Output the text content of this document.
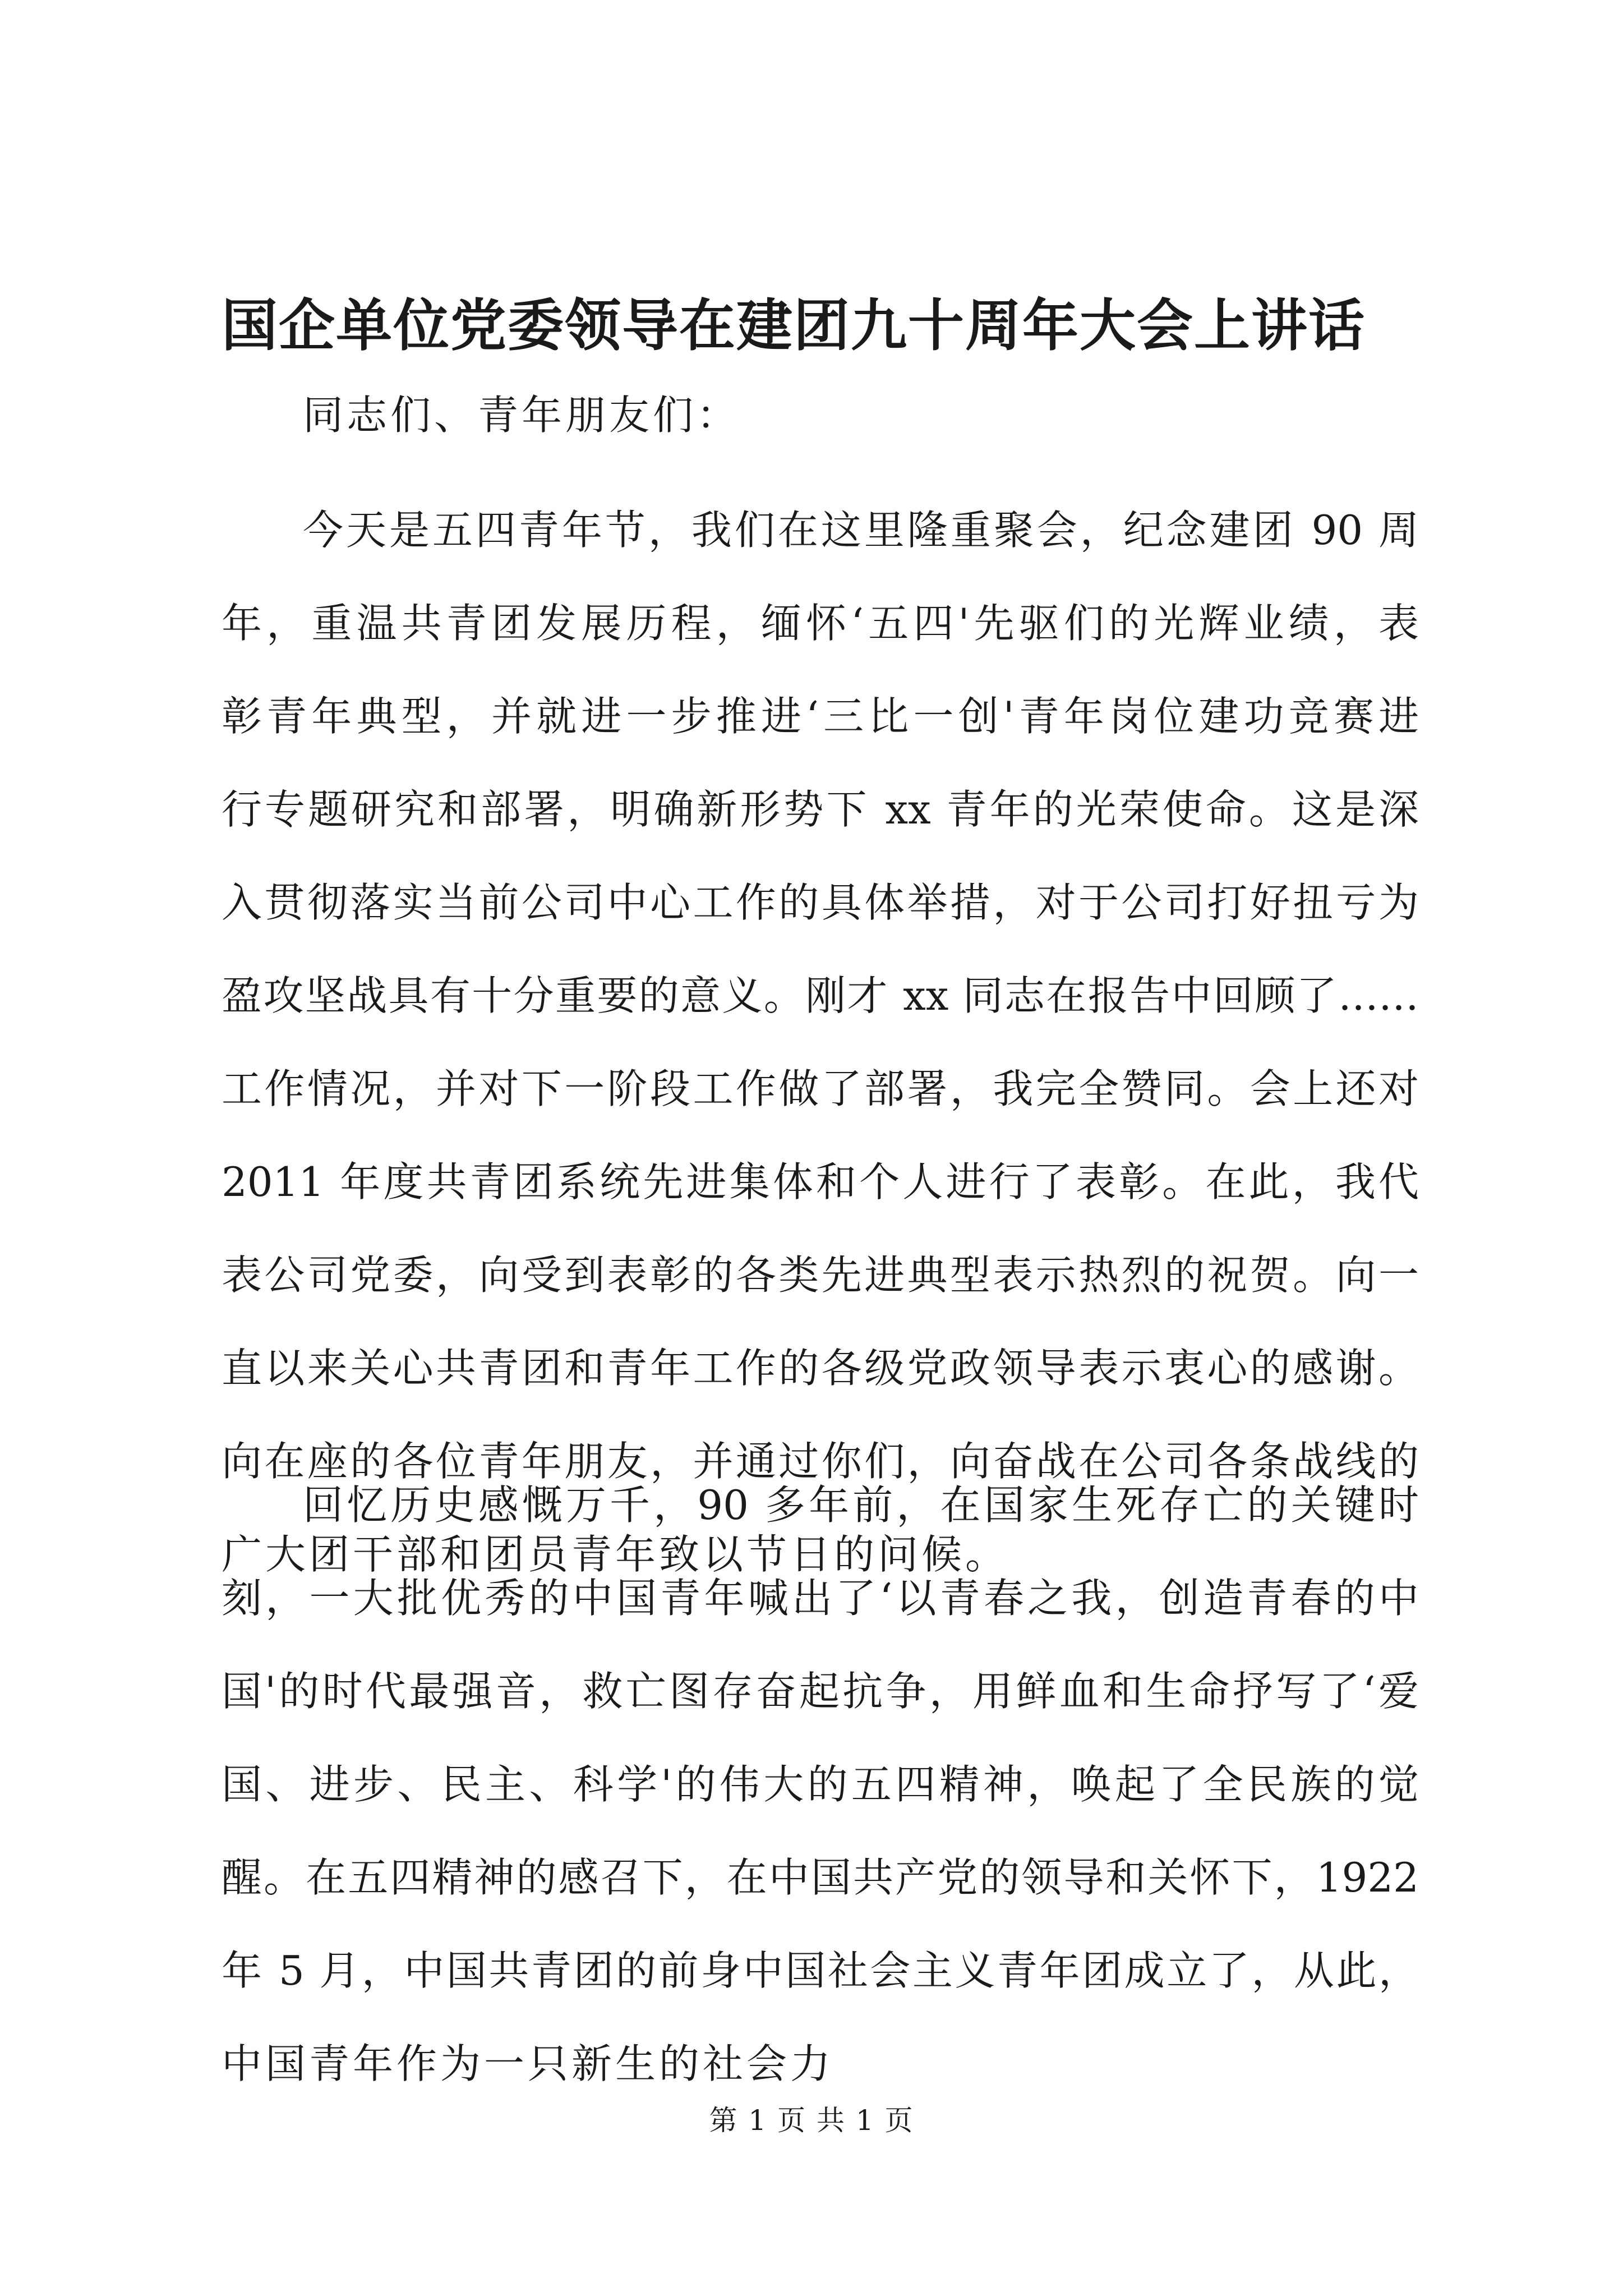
国企单位党委领导在建团九十周年大会上讲话

同志们、青年朋友们：

今天是五四青年节，我们在这里隆重聚会，纪念建团 90 周
年，重温共青团发展历程，缅怀‘五四'先驱们的光辉业绩，表
彰青年典型，并就进一步推进‘三比一创'青年岗位建功竞赛进
行专题研究和部署，明确新形势下 xx 青年的光荣使命。这是深
入贯彻落实当前公司中心工作的具体举措，对于公司打好扭亏为
盈攻坚战具有十分重要的意义。刚才 xx 同志在报告中回顾了……
工作情况，并对下一阶段工作做了部署，我完全赞同。会上还对
2011 年度共青团系统先进集体和个人进行了表彰。在此，我代
表公司党委，向受到表彰的各类先进典型表示热烈的祝贺。向一
直以来关心共青团和青年工作的各级党政领导表示衷心的感谢。
向在座的各位青年朋友，并通过你们，向奋战在公司各条战线的
广大团干部和团员青年致以节日的问候。
回忆历史感慨万千，90 多年前，在国家生死存亡的关键时
刻，一大批优秀的中国青年喊出了‘以青春之我，创造青春的中
国'的时代最强音，救亡图存奋起抗争，用鲜血和生命抒写了‘爱
国、进步、民主、科学'的伟大的五四精神，唤起了全民族的觉
醒。在五四精神的感召下，在中国共产党的领导和关怀下，1922
年 5 月，中国共青团的前身中国社会主义青年团成立了，从此，
中国青年作为一只新生的社会力
第 1 页 共 1 页
